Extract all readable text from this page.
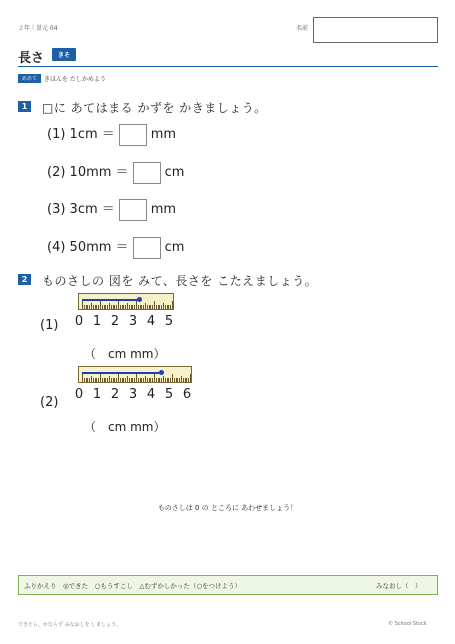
２年｜単元 04	名前
長さ	きそ
めあて	きほんを たしかめよう
1	□に あてはまる かずを かきましょう。
(1) 1cm ＝	mm
(2) 10mm ＝	cm
(3) 3cm ＝	mm
(4) 50mm ＝	cm
2	ものさしの 図を みて、長さを こたえましょう。
(1)	0 1 2 3 4 5
（　cm mm）
(2)
0 1 2 3 4 5 6
（　cm mm）
ものさしは 0 の ところに あわせましょう！
ふりかえり　◎できた　○もうすこし　△むずかしかった（○をつけよう）	みなおし（　）
できたら、かならず みなおしを しましょう。	© School Stock
